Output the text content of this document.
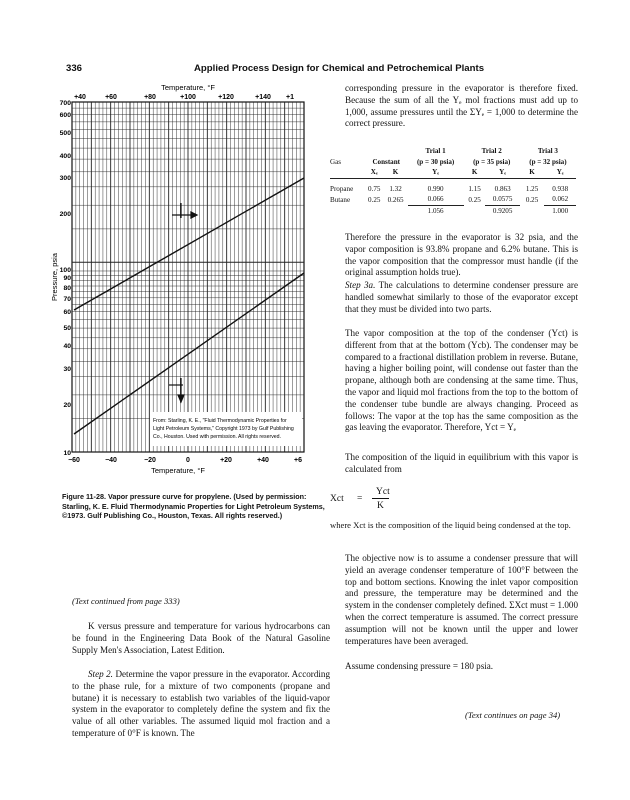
336	Applied Process Design for Chemical and Petrochemical Plants
Temperature, °F
+40	+60	+80	+100	+120	+140 +1
From: Starling, K. E., "Fluid Thermodynamic Properties for
Light Petroleum Systems," Copyright 1973 by Gulf Publishing
Co., Houston. Used with permission. All rights reserved.
700
600
500
400
300
200
100
90
80
70
60
50
40
30
20
10
Pressure, psia
−60	−40	−20	0	+20	+40	+6
Temperature, °F
Figure 11-28. Vapor pressure curve for propylene. (Used by permission: Starling, K. E. Fluid Thermodynamic Properties for Light Petroleum Systems, ©1973. Gulf Publishing Co., Houston, Texas. All rights reserved.)
(Text continued from page 333)
K versus pressure and temperature for various hydrocarbons can be found in the Engineering Data Book of the Natural Gasoline Supply Men's Association, Latest Edition.
Step 2. Determine the vapor pressure in the evaporator. According to the phase rule, for a mixture of two components (propane and butane) it is necessary to establish two variables of the liquid-vapor system in the evaporator to completely define the system and fix the value of all other variables. The assumed liquid mol fraction and a temperature of 0°F is known. The
corresponding pressure in the evaporator is therefore fixed. Because the sum of all the Yₑ mol fractions must add up to 1,000, assume pressures until the ΣYₑ = 1,000 to determine the correct pressure.
Gas			Trial 1	Trial 2		Trial 3	
	Constant		(p = 30 psia)	(p = 35 psia)		(p = 32 psia)	
	Xₑ	K	Yₑ	K	Yₑ	K	Yₑ

Propane	0.75	1.32	0.990	1.15	0.863	1.25	0.938
Butane	0.25	0.265	0.066	0.25	0.0575	0.25	0.062
			1.056		0.9205		1.000
Therefore the pressure in the evaporator is 32 psia, and the vapor composition is 93.8% propane and 6.2% butane. This is the vapor composition that the compressor must handle (if the original assumption holds true).
Step 3a. The calculations to determine condenser pressure are handled somewhat similarly to those of the evaporator except that they must be divided into two parts.
The vapor composition at the top of the condenser (Yct) is different from that at the bottom (Ycb). The condenser may be compared to a fractional distillation problem in reverse. Butane, having a higher boiling point, will condense out faster than the propane, although both are condensing at the same time. Thus, the vapor and liquid mol fractions from the top to the bottom of the condenser tube bundle are always changing. Proceed as follows: The vapor at the top has the same composition as the gas leaving the evaporator. Therefore, Yct = Yₑ
The composition of the liquid in equilibrium with this vapor is calculated from
Xct =
Yct
K
where Xct is the composition of the liquid being condensed at the top.
The objective now is to assume a condenser pressure that will yield an average condenser temperature of 100°F between the top and bottom sections. Knowing the inlet vapor composition and pressure, the temperature may be determined and the system in the condenser completely defined. ΣXct must = 1.000 when the correct temperature is assumed. The correct pressure assumption will not be known until the upper and lower temperatures have been averaged.
Assume condensing pressure = 180 psia.
(Text continues on page 34)
